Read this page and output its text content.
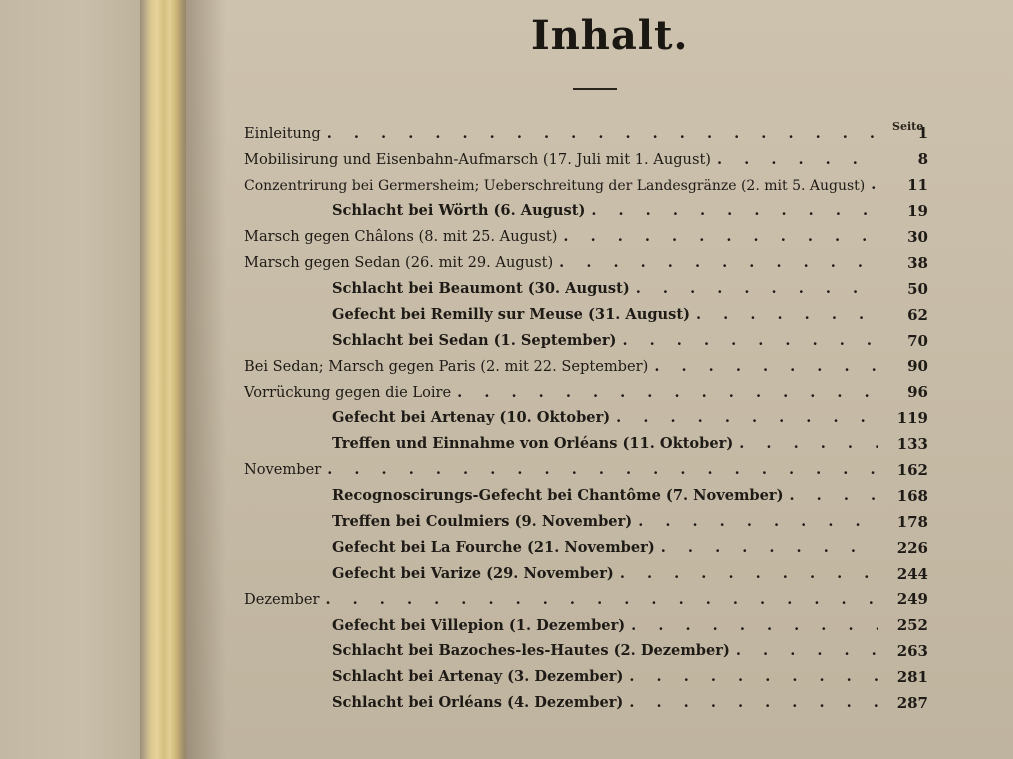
Inhalt.
Seite
Einleitung . . .	1
Mobilisirung und Eisenbahn-Aufmarsch (17. Juli mit 1. August) . . .	8
Conzentrirung bei Germersheim; Ueberschreitung der Landesgränze (2. mit 5. August) . . .	11
Schlacht bei Wörth (6. August) . . .	19
Marsch gegen Châlons (8. mit 25. August) . . .	30
Marsch gegen Sedan (26. mit 29. August) . . .	38
Schlacht bei Beaumont (30. August) . . .	50
Gefecht bei Remilly sur Meuse (31. August) . . .	62
Schlacht bei Sedan (1. September) . . .	70
Bei Sedan; Marsch gegen Paris (2. mit 22. September) . . .	90
Vorrückung gegen die Loire . . .	96
Gefecht bei Artenay (10. Oktober) . . .	119
Treffen und Einnahme von Orléans (11. Oktober) . . .	133
November . . .	162
Recognoscirungs-Gefecht bei Chantôme (7. November) . . .	168
Treffen bei Coulmiers (9. November) . . .	178
Gefecht bei La Fourche (21. November) . . .	226
Gefecht bei Varize (29. November) . . .	244
Dezember . . .	249
Gefecht bei Villepion (1. Dezember) . . .	252
Schlacht bei Bazoches-les-Hautes (2. Dezember) . . .	263
Schlacht bei Artenay (3. Dezember) . . .	281
Schlacht bei Orléans (4. Dezember) . . .	287
